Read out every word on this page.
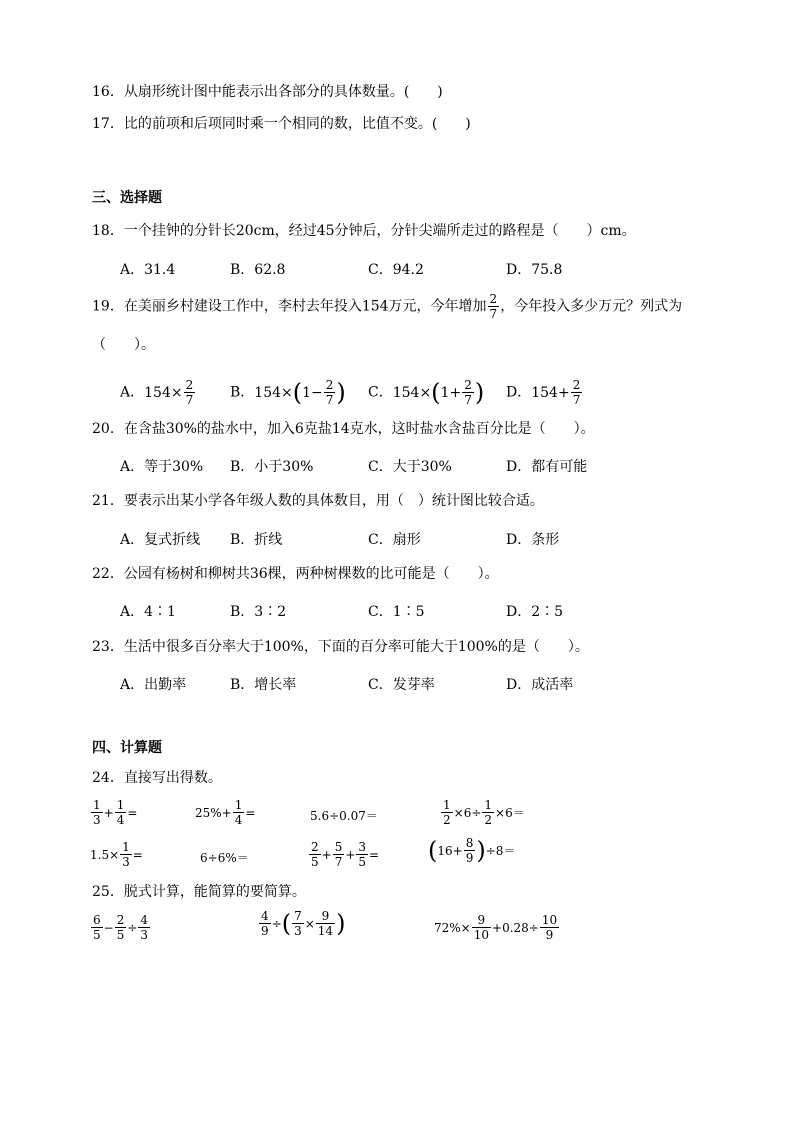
16．从扇形统计图中能表示出各部分的具体数量。(　　)
17．比的前项和后项同时乘一个相同的数，比值不变。(　　)
三、选择题
18．一个挂钟的分针长20cm，经过45分钟后，分针尖端所走过的路程是（　　）cm。
A．31.4	B．62.8	C．94.2	D．75.8
19．在美丽乡村建设工作中，李村去年投入154万元，今年增加 $\frac{2}{7}$ ，今年投入多少万元？列式为
（　　）。
A．$154\times \frac{2}{7}$ B．$154\times(1- \frac{2}{7}$ ) C．$154\times(1+ \frac{2}{7}$ ) D．$154+ \frac{2}{7}$
20．在含盐30%的盐水中，加入6克盐14克水，这时盐水含盐百分比是（　　）。
A．等于30% B．小于30%	C．大于30%	D．都有可能
21．要表示出某小学各年级人数的具体数目，用（　）统计图比较合适。
A．复式折线 B．折线	C．扇形	D．条形
22．公园有杨树和柳树共36棵，两种树棵数的比可能是（　　）。
A．4∶1	B．3∶2	C．1∶5	D．2∶5
23．生活中很多百分率大于100%，下面的百分率可能大于100%的是（　　）。
A．出勤率	B．增长率	C．发芽率	D．成活率
四、计算题
24．直接写出得数。
$\frac{1}{3} + \frac{1}{4}$ =	$25\%+ \frac{1}{4}$ =	5.6÷0.07＝	$\frac{1}{2} \times 6\div \frac{1}{2} \times 6=$
$1.5\times \frac{1}{3}$ =	6÷6%＝	$\frac{2}{5} + \frac{5}{7} + \frac{3}{5} = (16+ \frac{8}{9} )\div 8=$
25．脱式计算，能简算的要简算。
$\frac{6}{5} - \frac{2}{5} \div \frac{4}{3}$	$\frac{4}{9}$ ÷( $\frac{7}{3} \times \frac{9}{14}$ )	$72\%\times \frac{9}{10} +0.28\div \frac{10}{9}$
